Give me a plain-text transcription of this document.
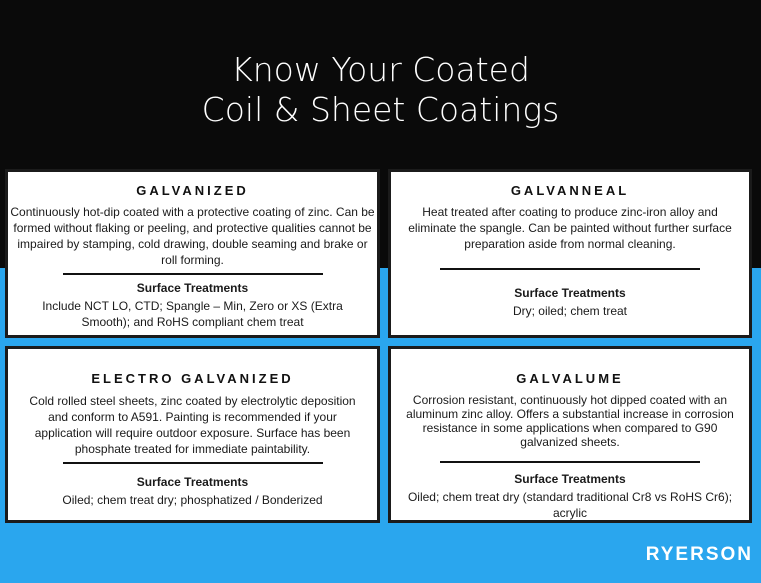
Know Your Coated
Coil & Sheet Coatings
GALVANIZED

Continuously hot-dip coated with a protective coating of zinc. Can be formed without flaking or peeling, and protective qualities cannot be impaired by stamping, cold drawing, double seaming and brake or roll forming.

Surface Treatments
Include NCT LO, CTD; Spangle – Min, Zero or XS (Extra Smooth); and RoHS compliant chem treat
GALVANNEAL

Heat treated after coating to produce zinc-iron alloy and eliminate the spangle. Can be painted without further surface preparation aside from normal cleaning.

Surface Treatments
Dry; oiled; chem treat
ELECTRO GALVANIZED

Cold rolled steel sheets, zinc coated by electrolytic deposition and conform to A591. Painting is recommended if your application will require outdoor exposure. Surface has been phosphate treated for immediate paintability.

Surface Treatments
Oiled; chem treat dry; phosphatized / Bonderized
GALVALUME

Corrosion resistant, continuously hot dipped coated with an aluminum zinc alloy. Offers a substantial increase in corrosion resistance in some applications when compared to G90 galvanized sheets.

Surface Treatments
Oiled; chem treat dry (standard traditional Cr8 vs RoHS Cr6); acrylic
RYERSON
